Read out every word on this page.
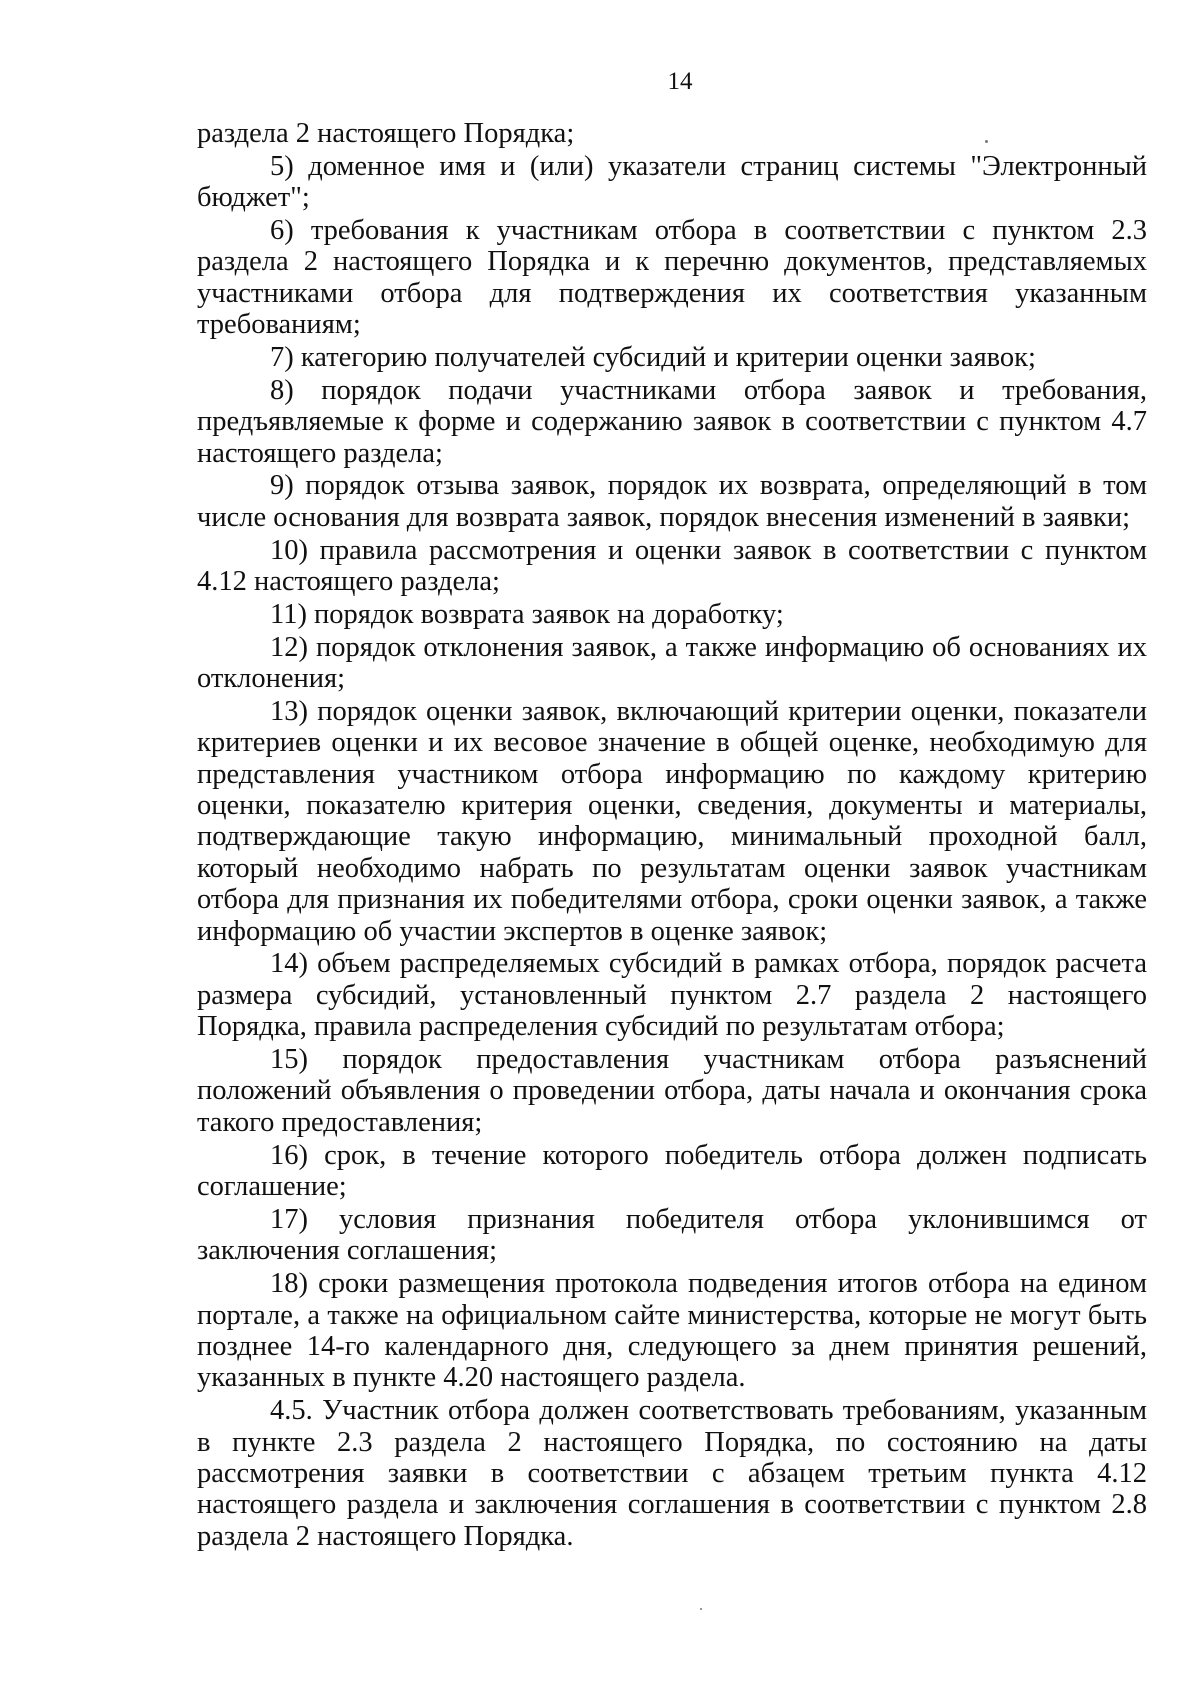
14

раздела 2 настоящего Порядка;

5) доменное имя и (или) указатели страниц системы "Электронный бюджет";

6) требования к участникам отбора в соответствии с пунктом 2.3 раздела 2 настоящего Порядка и к перечню документов, представляемых участниками отбора для подтверждения их соответствия указанным требованиям;

7) категорию получателей субсидий и критерии оценки заявок;

8) порядок подачи участниками отбора заявок и требования, предъявляемые к форме и содержанию заявок в соответствии с пунктом 4.7 настоящего раздела;

9) порядок отзыва заявок, порядок их возврата, определяющий в том числе основания для возврата заявок, порядок внесения изменений в заявки;

10) правила рассмотрения и оценки заявок в соответствии с пунктом 4.12 настоящего раздела;

11) порядок возврата заявок на доработку;

12) порядок отклонения заявок, а также информацию об основаниях их отклонения;

13) порядок оценки заявок, включающий критерии оценки, показатели критериев оценки и их весовое значение в общей оценке, необходимую для представления участником отбора информацию по каждому критерию оценки, показателю критерия оценки, сведения, документы и материалы, подтверждающие такую информацию, минимальный проходной балл, который необходимо набрать по результатам оценки заявок участникам отбора для признания их победителями отбора, сроки оценки заявок, а также информацию об участии экспертов в оценке заявок;

14) объем распределяемых субсидий в рамках отбора, порядок расчета размера субсидий, установленный пунктом 2.7 раздела 2 настоящего Порядка, правила распределения субсидий по результатам отбора;

15) порядок предоставления участникам отбора разъяснений положений объявления о проведении отбора, даты начала и окончания срока такого предоставления;

16) срок, в течение которого победитель отбора должен подписать соглашение;

17) условия признания победителя отбора уклонившимся от заключения соглашения;

18) сроки размещения протокола подведения итогов отбора на едином портале, а также на официальном сайте министерства, которые не могут быть позднее 14-го календарного дня, следующего за днем принятия решений, указанных в пункте 4.20 настоящего раздела.

4.5. Участник отбора должен соответствовать требованиям, указанным в пункте 2.3 раздела 2 настоящего Порядка, по состоянию на даты рассмотрения заявки в соответствии с абзацем третьим пункта 4.12 настоящего раздела и заключения соглашения в соответствии с пунктом 2.8 раздела 2 настоящего Порядка.
